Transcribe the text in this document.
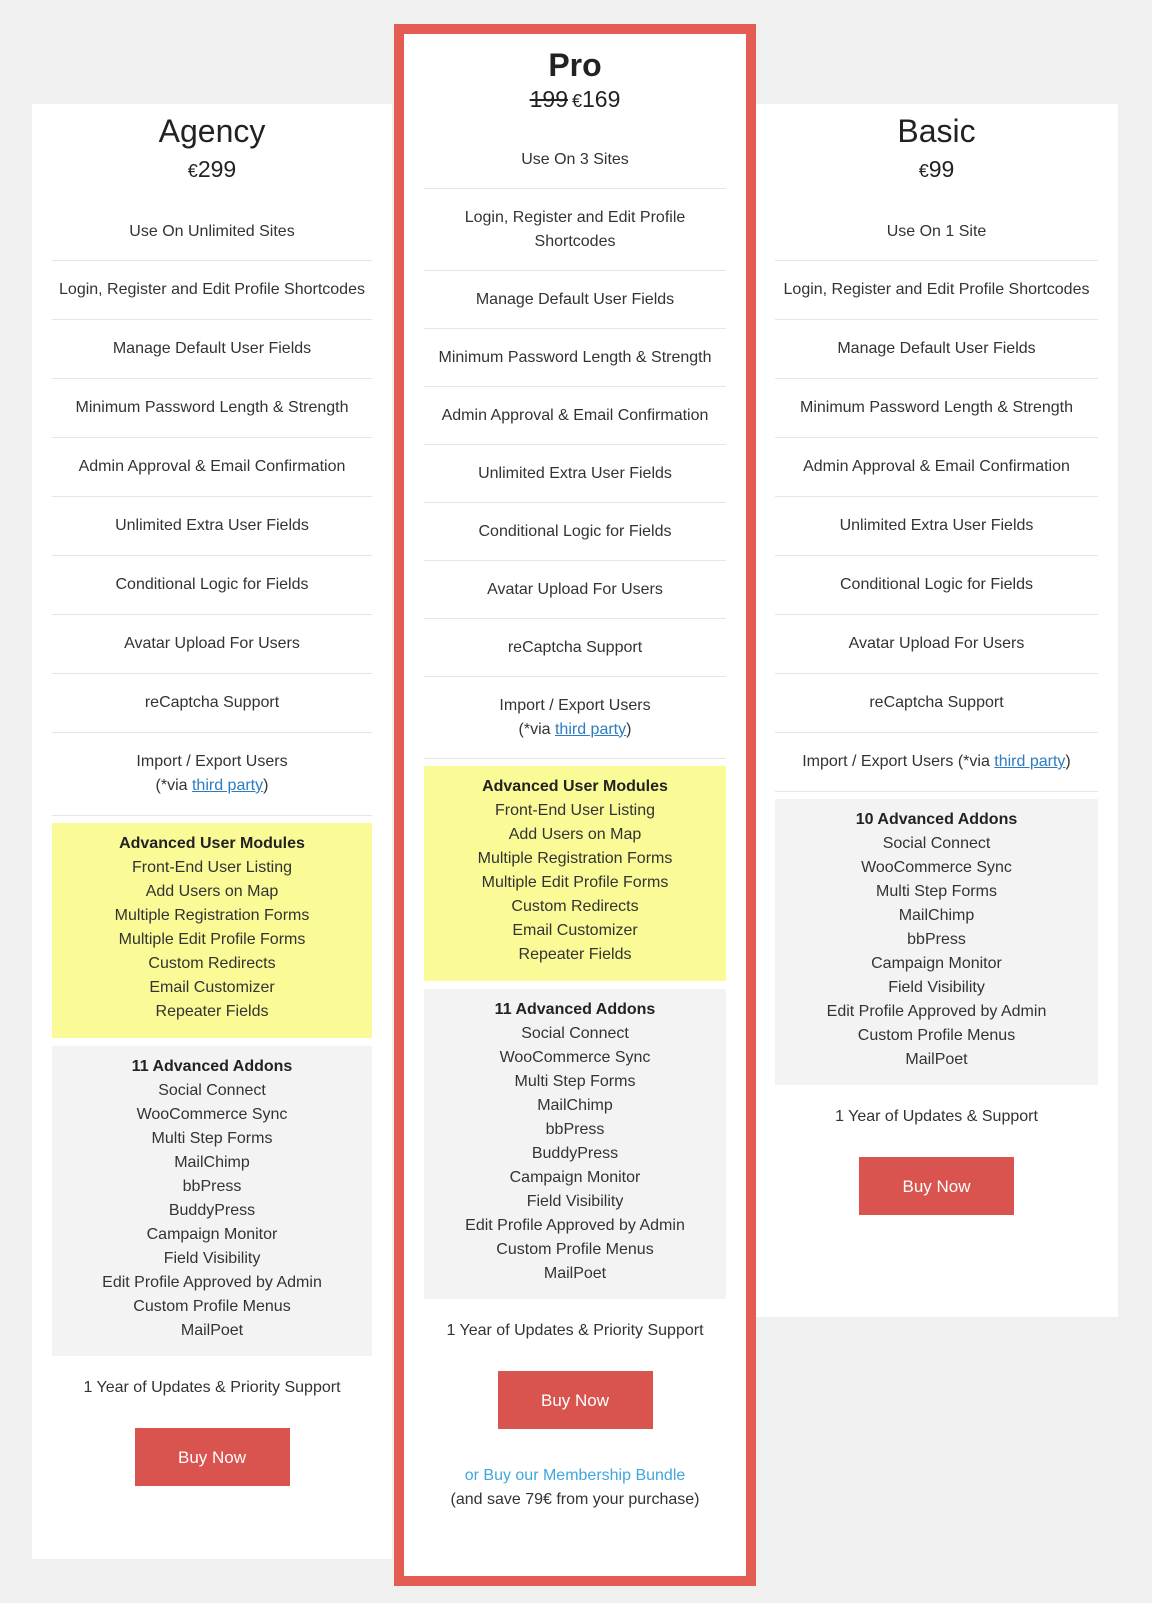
Agency
€299
Use On Unlimited Sites
Login, Register and Edit Profile Shortcodes
Manage Default User Fields
Minimum Password Length & Strength
Admin Approval & Email Confirmation
Unlimited Extra User Fields
Conditional Logic for Fields
Avatar Upload For Users
reCaptcha Support
Import / Export Users
(*via third party)
Advanced User Modules
Front-End User Listing
Add Users on Map
Multiple Registration Forms
Multiple Edit Profile Forms
Custom Redirects
Email Customizer
Repeater Fields
11 Advanced Addons
Social Connect
WooCommerce Sync
Multi Step Forms
MailChimp
bbPress
BuddyPress
Campaign Monitor
Field Visibility
Edit Profile Approved by Admin
Custom Profile Menus
MailPoet
1 Year of Updates & Priority Support
Buy Now
Pro
199 €169
Use On 3 Sites
Login, Register and Edit Profile Shortcodes
Manage Default User Fields
Minimum Password Length & Strength
Admin Approval & Email Confirmation
Unlimited Extra User Fields
Conditional Logic for Fields
Avatar Upload For Users
reCaptcha Support
Import / Export Users
(*via third party)
Advanced User Modules
Front-End User Listing
Add Users on Map
Multiple Registration Forms
Multiple Edit Profile Forms
Custom Redirects
Email Customizer
Repeater Fields
11 Advanced Addons
Social Connect
WooCommerce Sync
Multi Step Forms
MailChimp
bbPress
BuddyPress
Campaign Monitor
Field Visibility
Edit Profile Approved by Admin
Custom Profile Menus
MailPoet
1 Year of Updates & Priority Support
Buy Now
or Buy our Membership Bundle
(and save 79€ from your purchase)
Basic
€99
Use On 1 Site
Login, Register and Edit Profile Shortcodes
Manage Default User Fields
Minimum Password Length & Strength
Admin Approval & Email Confirmation
Unlimited Extra User Fields
Conditional Logic for Fields
Avatar Upload For Users
reCaptcha Support
Import / Export Users (*via third party)
10 Advanced Addons
Social Connect
WooCommerce Sync
Multi Step Forms
MailChimp
bbPress
Campaign Monitor
Field Visibility
Edit Profile Approved by Admin
Custom Profile Menus
MailPoet
1 Year of Updates & Support
Buy Now
